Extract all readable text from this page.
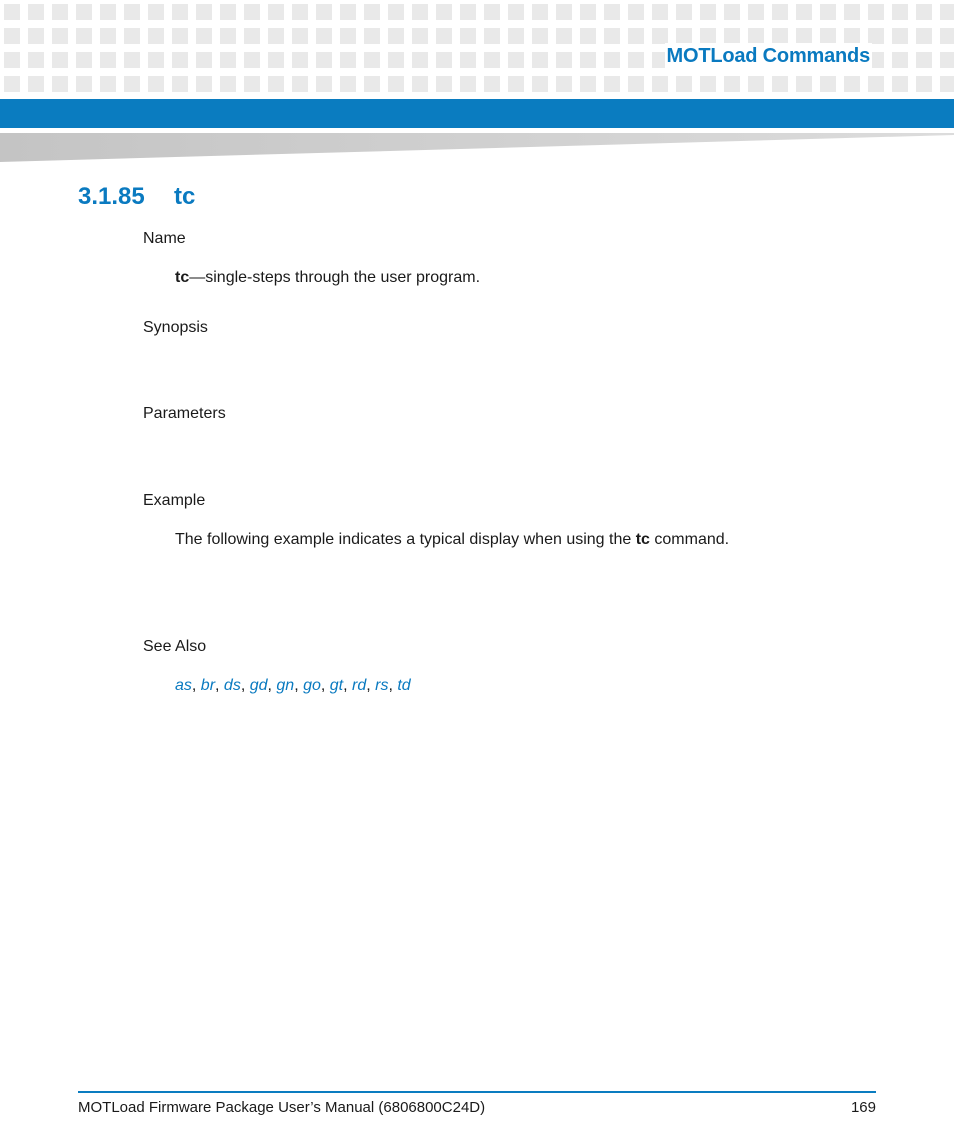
MOTLoad Commands
3.1.85 tc
Name
tc—single-steps through the user program.
Synopsis
Parameters
Example
The following example indicates a typical display when using the tc command.
See Also
as, br, ds, gd, gn, go, gt, rd, rs, td
MOTLoad Firmware Package User’s Manual (6806800C24D)	169
